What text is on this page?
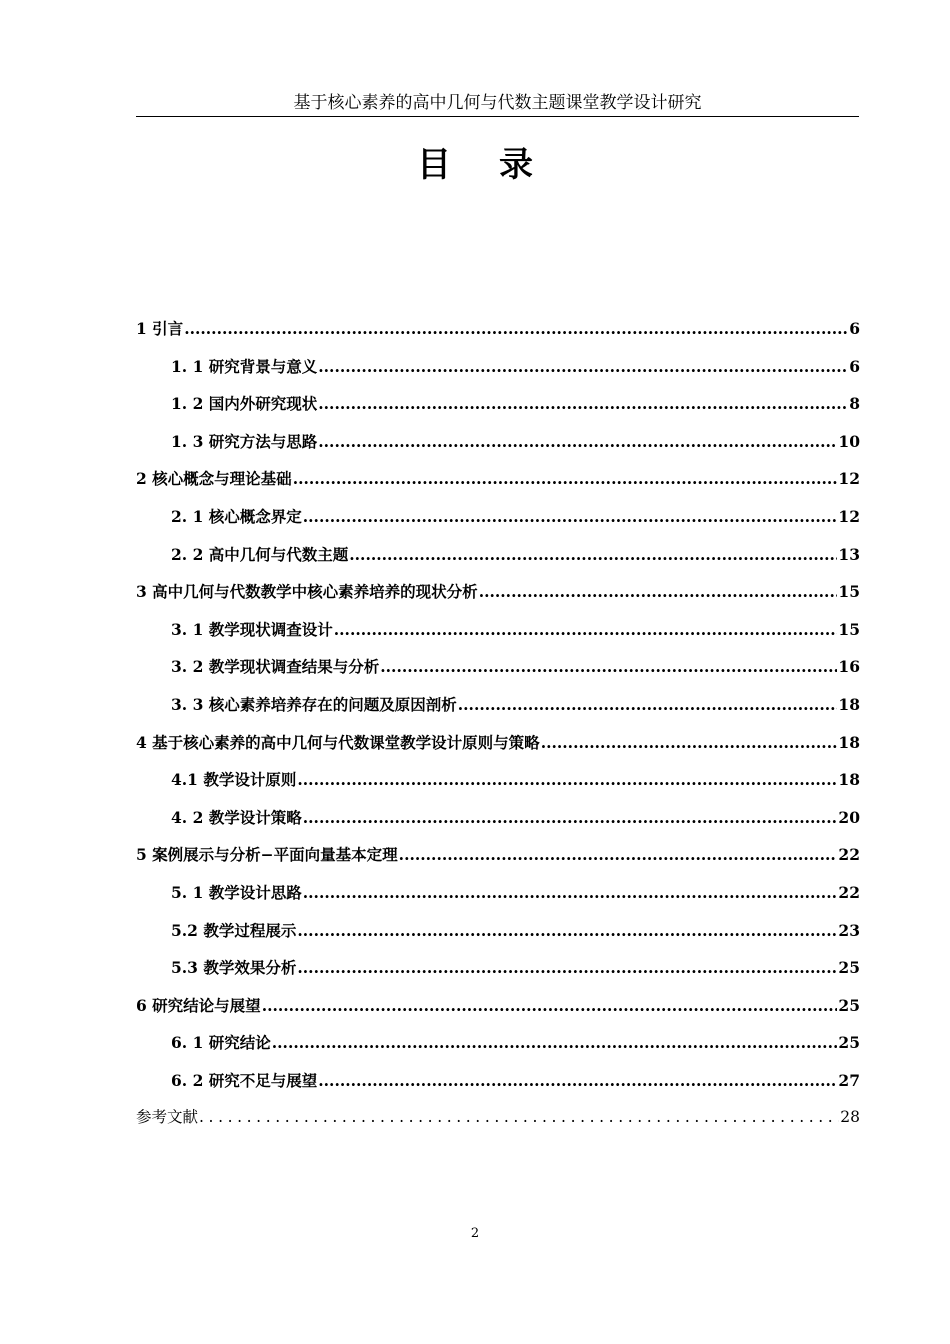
基于核心素养的高中几何与代数主题课堂教学设计研究
目录
1 引言 .....	6
1. 1 研究背景与意义 .....	6
1. 2 国内外研究现状 .....	8
1. 3 研究方法与思路 .....	10
2 核心概念与理论基础 .....	12
2. 1 核心概念界定 .....	12
2. 2 高中几何与代数主题 .....	13
3 高中几何与代数教学中核心素养培养的现状分析 .....	15
3. 1 教学现状调查设计 .....	15
3. 2 教学现状调查结果与分析 .....	16
3. 3 核心素养培养存在的问题及原因剖析 .....	18
4 基于核心素养的高中几何与代数课堂教学设计原则与策略 .....	18
4.1 教学设计原则 .....	18
4. 2 教学设计策略 .....	20
5 案例展示与分析−平面向量基本定理 .....	22
5. 1 教学设计思路 .....	22
5.2 教学过程展示 .....	23
5.3 教学效果分析 .....	25
6 研究结论与展望 .....	25
6. 1 研究结论 .....	25
6. 2 研究不足与展望 .....	27
参考文献 .....	28
2
